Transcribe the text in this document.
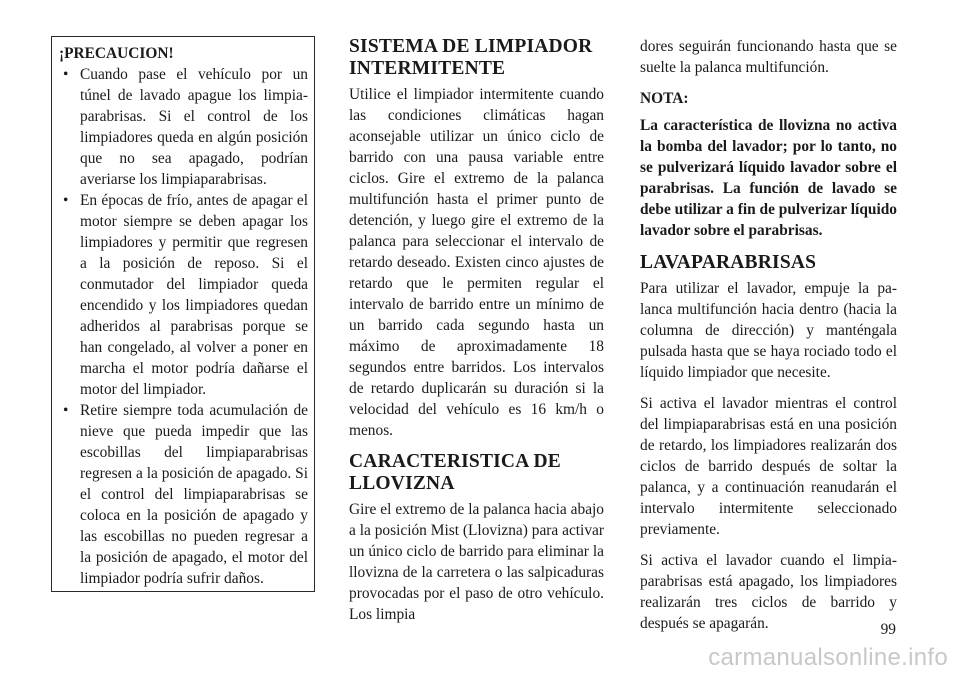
¡PRECAUCION!
• Cuando pase el vehículo por un túnel de lavado apague los limpiaparabrisas. Si el control de los limpiadores queda en algún posición que no sea apagado, podrían averiarse los limpiaparabrisas.
• En épocas de frío, antes de apagar el motor siempre se deben apagar los limpiadores y permitir que regresen a la posición de reposo. Si el conmutador del limpiador queda encendido y los limpiadores quedan adheridos al parabrisas porque se han congelado, al volver a poner en marcha el motor podría dañarse el motor del limpiador.
• Retire siempre toda acumulación de nieve que pueda impedir que las escobillas del limpiaparabrisas regresen a la posición de apagado. Si el control del limpiaparabrisas se coloca en la posición de apagado y las escobillas no pueden regresar a la posición de apagado, el motor del limpiador podría sufrir daños.
SISTEMA DE LIMPIADOR INTERMITENTE

Utilice el limpiador intermitente cuando las condiciones climáticas hagan aconsejable utilizar un único ciclo de barrido con una pausa variable entre ciclos. Gire el extremo de la palanca multifunción hasta el primer punto de detención, y luego gire el extremo de la palanca para seleccionar el intervalo de retardo deseado. Existen cinco ajustes de retardo que le permiten regular el intervalo de barrido entre un mínimo de un barrido cada segundo hasta un máximo de aproximadamente 18 segundos entre barridos. Los intervalos de retardo duplicarán su duración si la velocidad del vehículo es 16 km/h o menos.

CARACTERISTICA DE LLOVIZNA

Gire el extremo de la palanca hacia abajo a la posición Mist (Llovizna) para activar un único ciclo de barrido para eliminar la llovizna de la carretera o las salpicaduras provocadas por el paso de otro vehículo. Los limpia

dores seguirán funcionando hasta que se suelte la palanca multifunción.

NOTA:

La característica de llovizna no activa la bomba del lavador; por lo tanto, no se pulverizará líquido lavador sobre el parabrisas. La función de lavado se debe utilizar a fin de pulverizar líquido lavador sobre el parabrisas.

LAVAPARABRISAS

Para utilizar el lavador, empuje la palanca multifunción hacia dentro (hacia la columna de dirección) y manténgala pulsada hasta que se haya rociado todo el líquido limpiador que necesite.

Si activa el lavador mientras el control del limpiaparabrisas está en una posición de retardo, los limpiadores realizarán dos ciclos de barrido después de soltar la palanca, y a continuación reanudarán el intervalo intermitente seleccionado previamente.

Si activa el lavador cuando el limpiaparabrisas está apagado, los limpiadores realizarán tres ciclos de barrido y después se apagarán.	99
carmanualsonline.info
